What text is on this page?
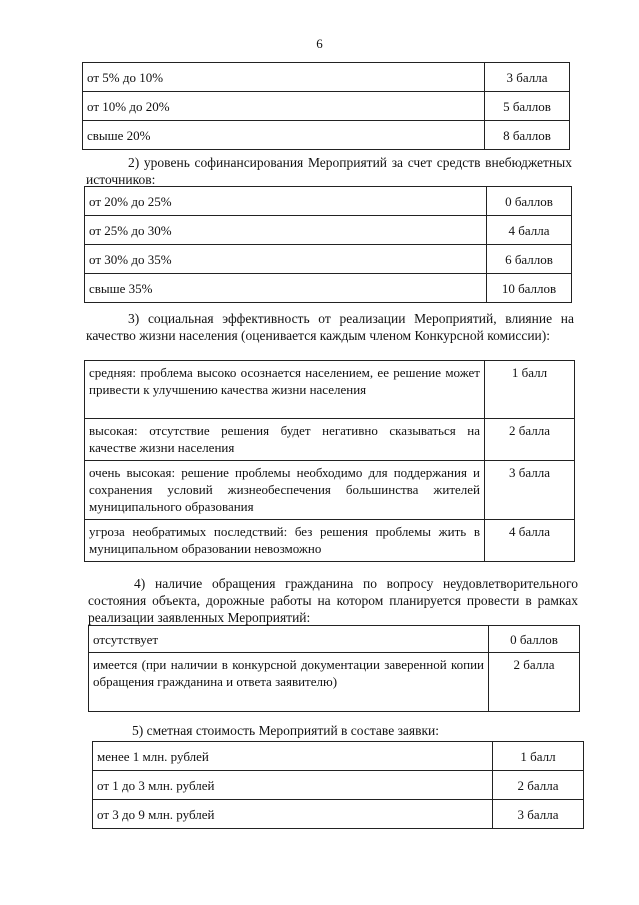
6
от 5% до 10%	3 балла
от 10% до 20%	5 баллов
свыше 20%	8 баллов
2) уровень софинансирования Мероприятий за счет средств внебюджетных источников:
от 20% до 25%	0 баллов
от 25% до 30%	4 балла
от 30% до 35%	6 баллов
свыше 35%	10 баллов
3) социальная эффективность от реализации Мероприятий, влияние на качество жизни населения (оценивается каждым членом Конкурсной комиссии):
средняя: проблема высоко осознается населением, ее решение может привести к улучшению качества жизни населения	1 балл
высокая: отсутствие решения будет негативно сказываться на качестве жизни населения	2 балла
очень высокая: решение проблемы необходимо для поддержания и сохранения условий жизнеобеспечения большинства жителей муниципального образования	3 балла
угроза необратимых последствий: без решения проблемы жить в муниципальном образовании невозможно	4 балла
4) наличие обращения гражданина по вопросу неудовлетворительного состояния объекта, дорожные работы на котором планируется провести в рамках реализации заявленных Мероприятий:
отсутствует	0 баллов
имеется (при наличии в конкурсной документации заверенной копии обращения гражданина и ответа заявителю)	2 балла
5) сметная стоимость Мероприятий в составе заявки:
менее 1 млн. рублей	1 балл
от 1 до 3 млн. рублей	2 балла
от 3 до 9 млн. рублей	3 балла
